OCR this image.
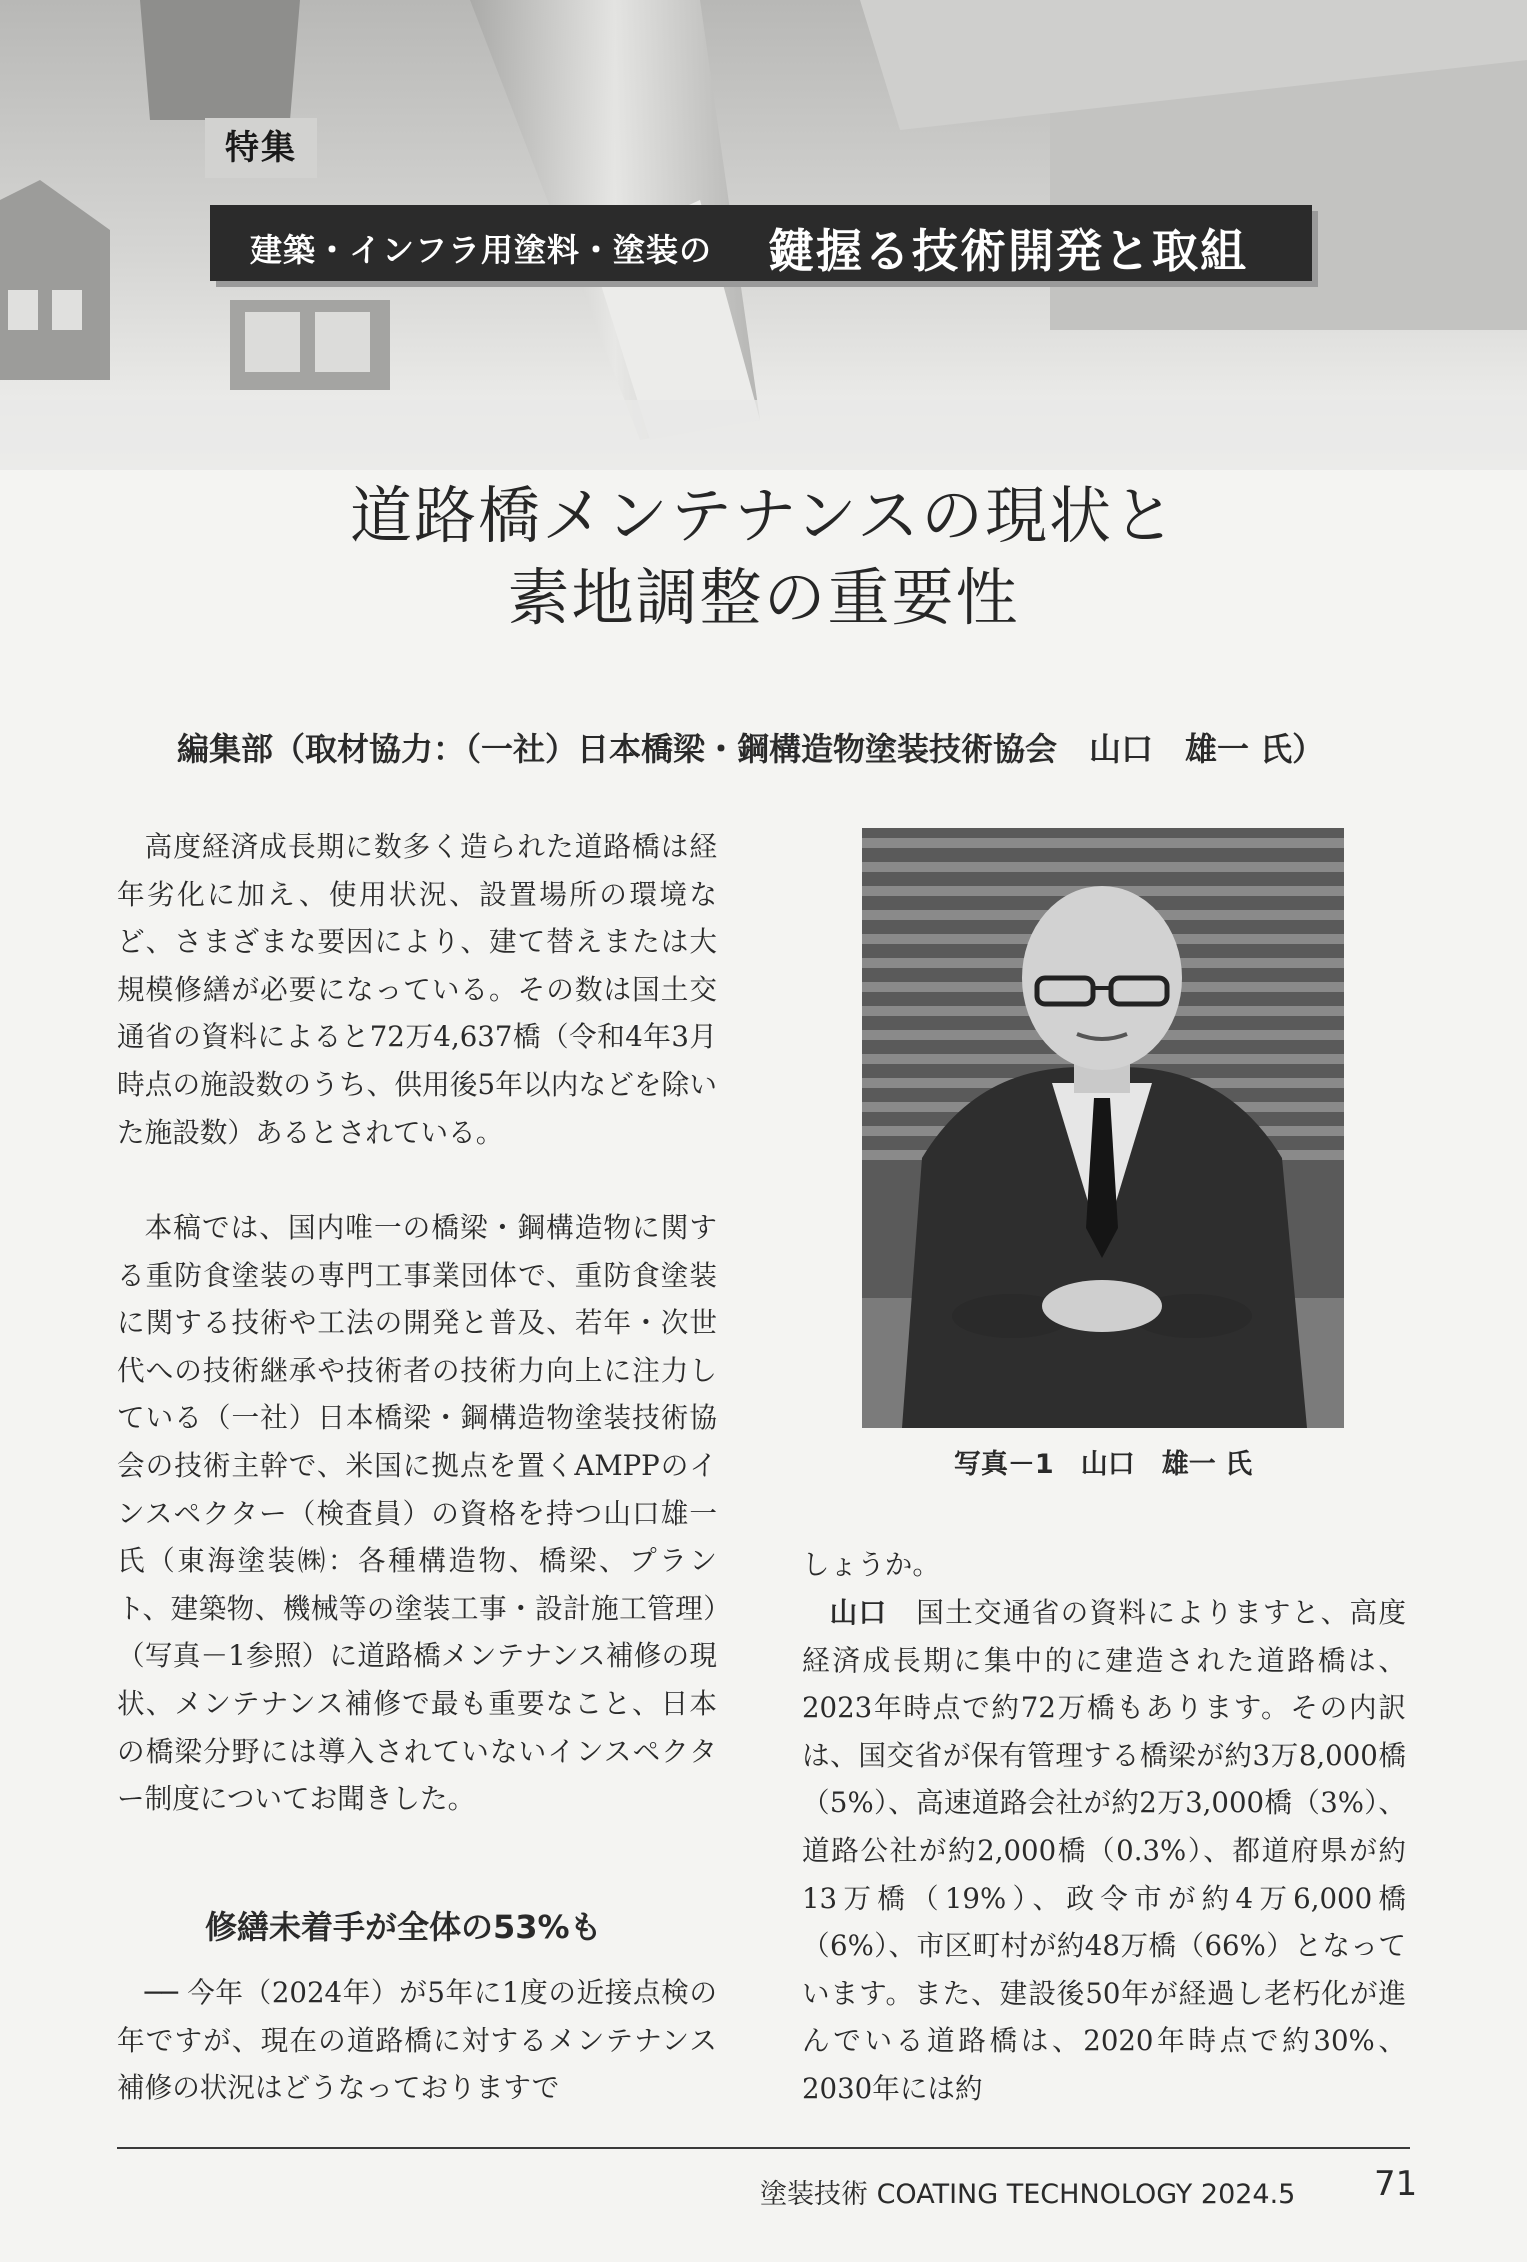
特集
建築・インフラ用塗料・塗装の 鍵握る技術開発と取組
道路橋メンテナンスの現状と
素地調整の重要性
編集部（取材協力：（一社）日本橋梁・鋼構造物塗装技術協会　山口　雄一 氏）

高度経済成長期に数多く造られた道路橋は経年劣化に加え、使用状況、設置場所の環境など、さまざまな要因により、建て替えまたは大規模修繕が必要になっている。その数は国土交通省の資料によると72万4,637橋（令和4年3月時点の施設数のうち、供用後5年以内などを除いた施設数）あるとされている。

本稿では、国内唯一の橋梁・鋼構造物に関する重防食塗装の専門工事業団体で、重防食塗装に関する技術や工法の開発と普及、若年・次世代への技術継承や技術者の技術力向上に注力している（一社）日本橋梁・鋼構造物塗装技術協会の技術主幹で、米国に拠点を置くAMPPのインスペクター（検査員）の資格を持つ山口雄一氏（東海塗装㈱：各種構造物、橋梁、プラント、建築物、機械等の塗装工事・設計施工管理）（写真－1参照）に道路橋メンテナンス補修の現状、メンテナンス補修で最も重要なこと、日本の橋梁分野には導入されていないインスペクター制度についてお聞きした。

修繕未着手が全体の53%も

── 今年（2024年）が5年に1度の近接点検の年ですが、現在の道路橋に対するメンテナンス補修の状況はどうなっておりますで

写真－1　山口　雄一 氏

しょうか。

山口　 国土交通省の資料によりますと、高度経済成長期に集中的に建造された道路橋は、2023年時点で約72万橋もあります。その内訳は、国交省が保有管理する橋梁が約3万8,000橋（5%）、高速道路会社が約2万3,000橋（3%）、道路公社が約2,000橋（0.3%）、都道府県が約13万橋（19%）、政令市が約4万6,000橋（6%）、市区町村が約48万橋（66%）となっています。また、建設後50年が経過し老朽化が進んでいる道路橋は、2020年時点で約30%、2030年には約

塗装技術 COATING TECHNOLOGY 2024.5 71
